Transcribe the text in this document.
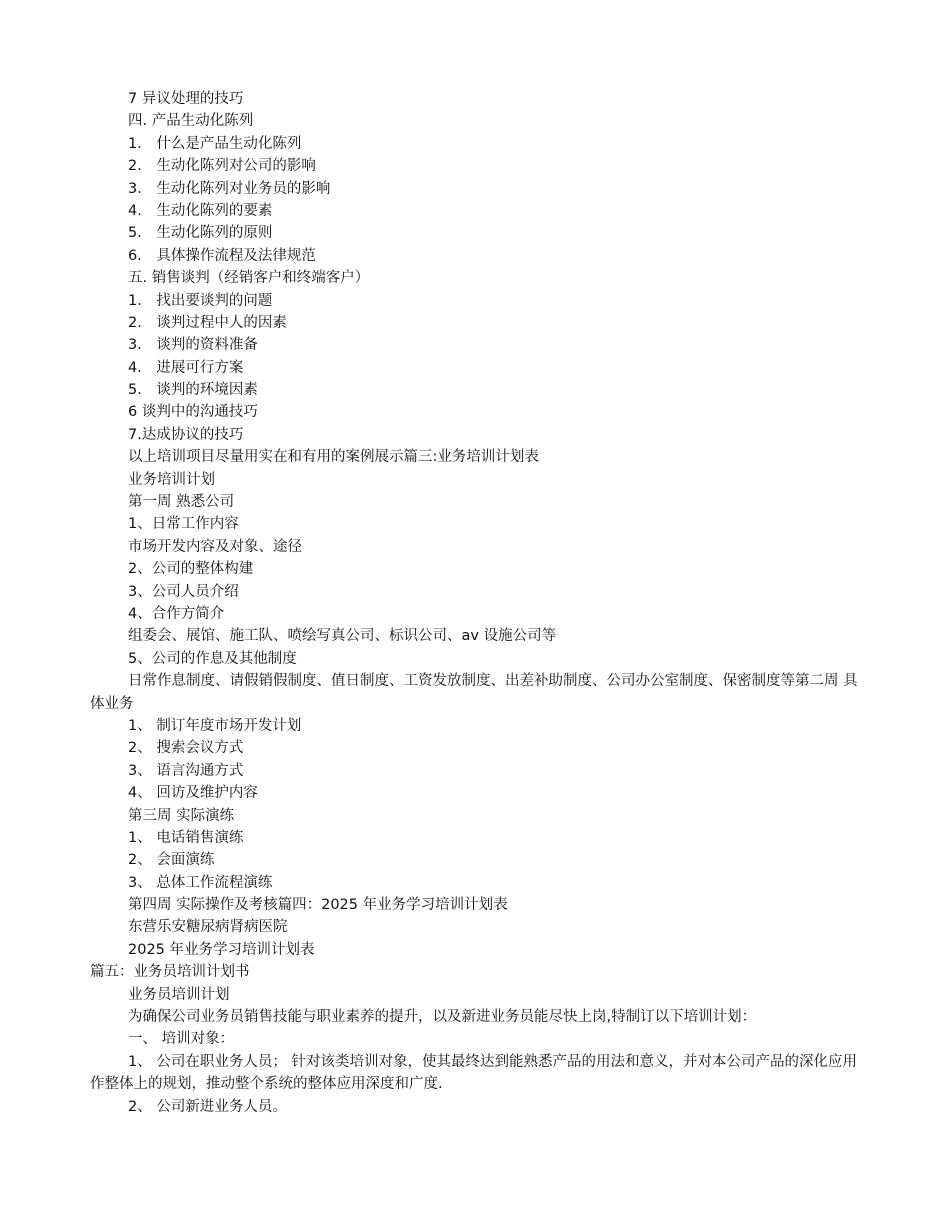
7 异议处理的技巧
四. 产品生动化陈列
1． 什么是产品生动化陈列
2． 生动化陈列对公司的影响
3． 生动化陈列对业务员的影响
4． 生动化陈列的要素
5． 生动化陈列的原则
6． 具体操作流程及法律规范
五. 销售谈判（经销客户和终端客户）
1． 找出要谈判的问题
2． 谈判过程中人的因素
3． 谈判的资料准备
4． 进展可行方案
5． 谈判的环境因素
6 谈判中的沟通技巧
7.达成协议的技巧
以上培训项目尽量用实在和有用的案例展示篇三:业务培训计划表
业务培训计划
第一周 熟悉公司
1、日常工作内容
市场开发内容及对象、途径
2、公司的整体构建
3、公司人员介绍
4、合作方简介
组委会、展馆、施工队、喷绘写真公司、标识公司、av 设施公司等
5、公司的作息及其他制度
日常作息制度、请假销假制度、值日制度、工资发放制度、出差补助制度、公司办公室制度、保密制度等第二周 具体业务
1、 制订年度市场开发计划
2、 搜索会议方式
3、 语言沟通方式
4、 回访及维护内容
第三周 实际演练
1、 电话销售演练
2、 会面演练
3、 总体工作流程演练
第四周 实际操作及考核篇四：2025 年业务学习培训计划表
东营乐安糖尿病肾病医院
2025 年业务学习培训计划表
篇五：业务员培训计划书
业务员培训计划
为确保公司业务员销售技能与职业素养的提升，以及新进业务员能尽快上岗,特制订以下培训计划：
一、 培训对象：
1、 公司在职业务人员； 针对该类培训对象，使其最终达到能熟悉产品的用法和意义，并对本公司产品的深化应用作整体上的规划，推动整个系统的整体应用深度和广度.
2、 公司新进业务人员。
